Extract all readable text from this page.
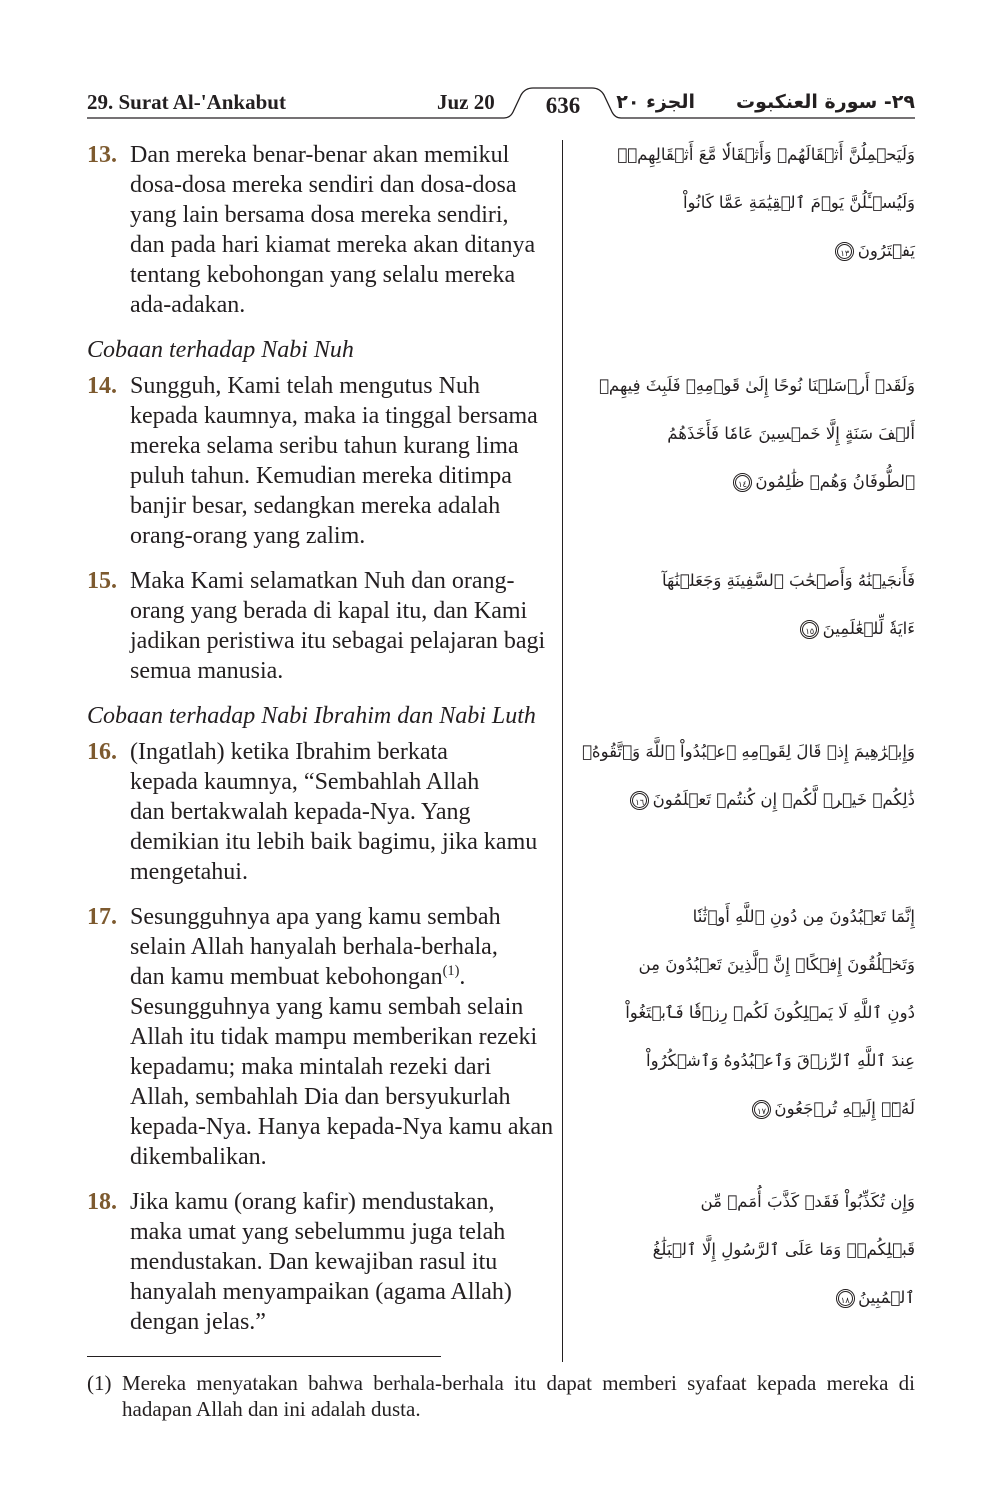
29. Surat Al-'Ankabut	Juz 20	636	الجزء ٢٠ ٢٩- سورة العنكبوت
13. Dan mereka benar-benar akan memikul
dosa-dosa mereka sendiri dan dosa-dosa
yang lain bersama dosa mereka sendiri,
dan pada hari kiamat mereka akan ditanya
tentang kebohongan yang selalu mereka
ada-adakan.
وَلَيَحۡمِلُنَّ أَثۡقَالَهُمۡ وَأَثۡقَالٗا مَّعَ أَثۡقَالِهِمۡۖ
وَلَيُسۡـَٔلُنَّ يَوۡمَ ٱلۡقِيَٰمَةِ عَمَّا كَانُواْ
يَفۡتَرُونَ١٣
Cobaan terhadap Nabi Nuh
14. Sungguh, Kami telah mengutus Nuh
kepada kaumnya, maka ia tinggal bersama
mereka selama seribu tahun kurang lima
puluh tahun. Kemudian mereka ditimpa
banjir besar, sedangkan mereka adalah
orang-orang yang zalim.
وَلَقَدۡ أَرۡسَلۡنَا نُوحًا إِلَىٰ قَوۡمِهِۦ فَلَبِثَ فِيهِمۡ
أَلۡفَ سَنَةٍ إِلَّا خَمۡسِينَ عَامٗا فَأَخَذَهُمُ
ٱلطُّوفَانُ وَهُمۡ ظَٰلِمُونَ١٤
15. Maka Kami selamatkan Nuh dan orang-
orang yang berada di kapal itu, dan Kami
jadikan peristiwa itu sebagai pelajaran bagi
semua manusia.
فَأَنجَيۡنَٰهُ وَأَصۡحَٰبَ ٱلسَّفِينَةِ وَجَعَلۡنَٰهَآ
ءَايَةٗ لِّلۡعَٰلَمِينَ١٥
Cobaan terhadap Nabi Ibrahim dan Nabi Luth
16. (Ingatlah) ketika Ibrahim berkata
kepada kaumnya, “Sembahlah Allah
dan bertakwalah kepada-Nya. Yang
demikian itu lebih baik bagimu, jika kamu
mengetahui.
وَإِبۡرَٰهِيمَ إِذۡ قَالَ لِقَوۡمِهِ ٱعۡبُدُواْ ٱللَّهَ وَٱتَّقُوهُۖ
ذَٰلِكُمۡ خَيۡرٞ لَّكُمۡ إِن كُنتُمۡ تَعۡلَمُونَ١٦
17. Sesungguhnya apa yang kamu sembah
selain Allah hanyalah berhala-berhala,
dan kamu membuat kebohongan$^{(1)}$.
Sesungguhnya yang kamu sembah selain
Allah itu tidak mampu memberikan rezeki
kepadamu; maka mintalah rezeki dari
Allah, sembahlah Dia dan bersyukurlah
kepada-Nya. Hanya kepada-Nya kamu akan
dikembalikan.
إِنَّمَا تَعۡبُدُونَ مِن دُونِ ٱللَّهِ أَوۡثَٰنٗا
وَتَخۡلُقُونَ إِفۡكًاۚ إِنَّ ٱلَّذِينَ تَعۡبُدُونَ مِن
دُونِ ٱللَّهِ لَا يَمۡلِكُونَ لَكُمۡ رِزۡقٗا فَٱبۡتَغُواْ
عِندَ ٱللَّهِ ٱلرِّزۡقَ وَٱعۡبُدُوهُ وَٱشۡكُرُواْ
لَهُۥٓۖ إِلَيۡهِ تُرۡجَعُونَ١٧
18. Jika kamu (orang kafir) mendustakan,
maka umat yang sebelummu juga telah
mendustakan. Dan kewajiban rasul itu
hanyalah menyampaikan (agama Allah)
dengan jelas.”
وَإِن تُكَذِّبُواْ فَقَدۡ كَذَّبَ أُمَمٞ مِّن
قَبۡلِكُمۡۖ وَمَا عَلَى ٱلرَّسُولِ إِلَّا ٱلۡبَلَٰغُ
ٱلۡمُبِينُ١٨
(1) Mereka menyatakan bahwa berhala-berhala itu dapat memberi syafaat kepada mereka di
hadapan Allah dan ini adalah dusta.
